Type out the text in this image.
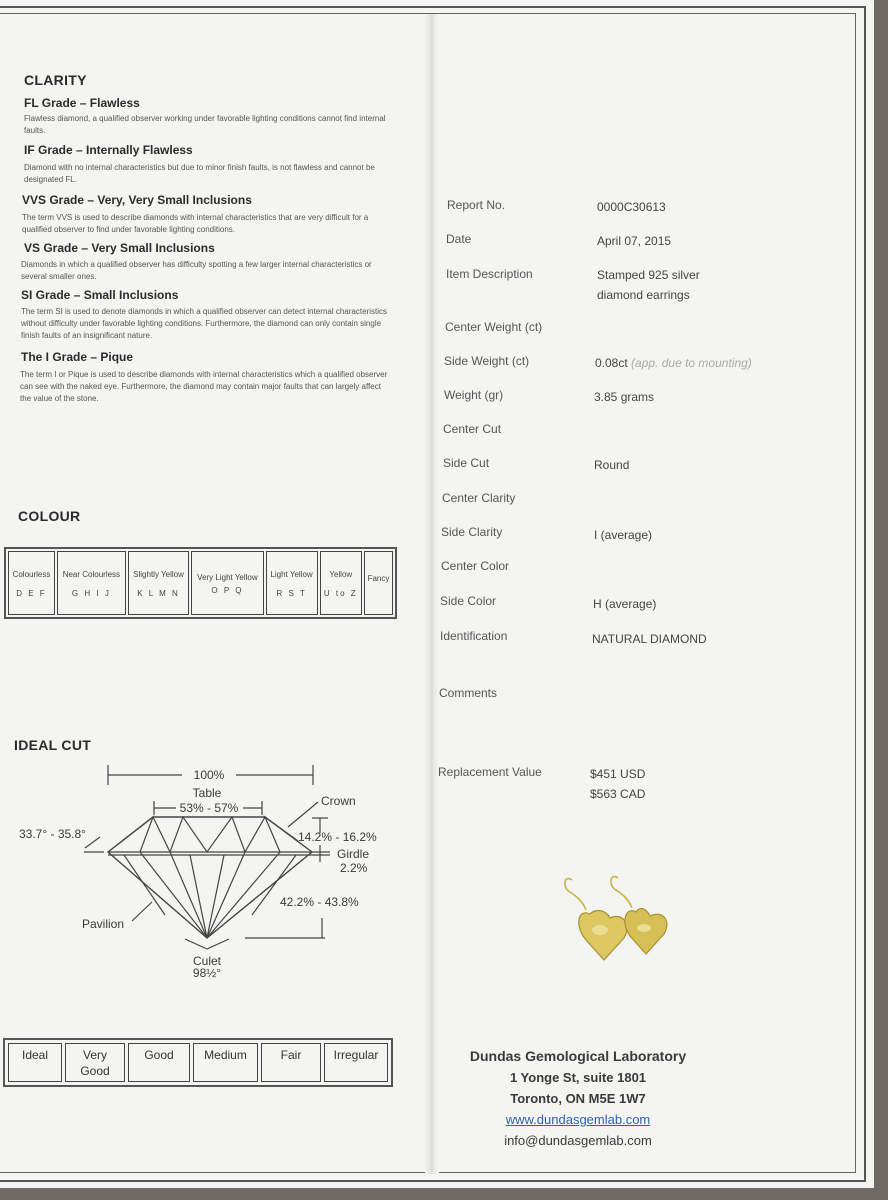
CLARITY
FL Grade – Flawless
Flawless diamond, a qualified observer working under favorable lighting conditions cannot find internal faults.
IF Grade – Internally Flawless
Diamond with no internal characteristics but due to minor finish faults, is not flawless and cannot be designated FL.
VVS Grade – Very, Very Small Inclusions
The term VVS is used to describe diamonds with internal characteristics that are very difficult for a qualified observer to find under favorable lighting conditions.
VS Grade – Very Small Inclusions
Diamonds in which a qualified observer has difficulty spotting a few larger internal characteristics or several smaller ones.
SI Grade – Small Inclusions
The term SI is used to denote diamonds in which a qualified observer can detect internal characteristics without difficulty under favorable lighting conditions. Furthermore, the diamond can only contain single finish faults of an insignificant nature.
The I Grade – Pique
The term I or Pique is used to describe diamonds with internal characteristics which a qualified observer can see with the naked eye. Furthermore, the diamond may contain major faults that can largely affect the value of the stone.
COLOUR
Colourless
D E F

Near Colourless
G H I J

Slightly Yellow
K L M N

Very Light Yellow
O P Q

Light Yellow
R S T

Yellow
U to Z

Fancy
IDEAL CUT
100%
Table
53% - 57%	Crown
33.7° - 35.8°	14.2% - 16.2%
Girdle
2.2%
42.2% - 43.8%
Pavilion
Culet
98½°
Ideal	Very Good	Good	Medium	Fair	Irregular
Report No.	0000C30613
Date	April 07, 2015
Item Description	Stamped 925 silver
diamond earrings
Center Weight (ct)
Side Weight (ct)	0.08ct (app. due to mounting)
Weight (gr)	3.85 grams
Center Cut
Side Cut	Round
Center Clarity
Side Clarity	I (average)
Center Color
Side Color	H (average)
Identification	NATURAL DIAMOND
Comments
Replacement Value	$451 USD
$563 CAD
Dundas Gemological Laboratory
1 Yonge St, suite 1801
Toronto, ON M5E 1W7
www.dundasgemlab.com
info@dundasgemlab.com
